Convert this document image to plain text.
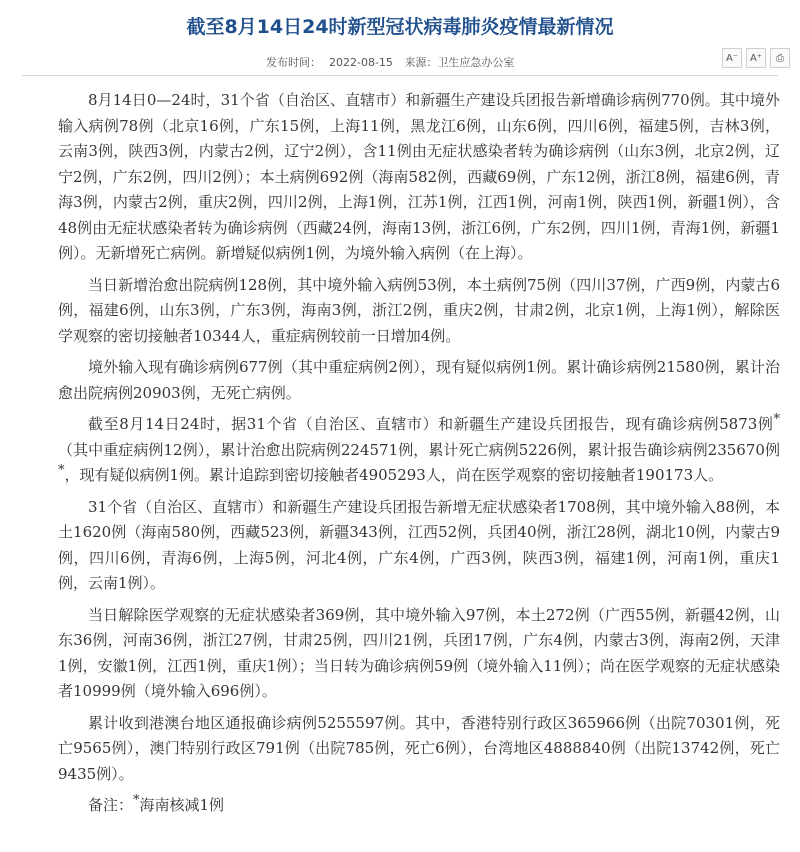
截至8月14日24时新型冠状病毒肺炎疫情最新情况
发布时间： 2022-08-15 来源：卫生应急办公室	A⁻	A⁺	⎙

8月14日0—24时，31个省（自治区、直辖市）和新疆生产建设兵团报告新增确诊病例770例。其中境外输入病例78例（北京16例，广东15例，上海11例，黑龙江6例，山东6例，四川6例，福建5例，吉林3例，云南3例，陕西3例，内蒙古2例，辽宁2例），含11例由无症状感染者转为确诊病例（山东3例，北京2例，辽宁2例，广东2例，四川2例）；本土病例692例（海南582例，西藏69例，广东12例，浙江8例，福建6例，青海3例，内蒙古2例，重庆2例，四川2例，上海1例，江苏1例，江西1例，河南1例，陕西1例，新疆1例），含48例由无症状感染者转为确诊病例（西藏24例，海南13例，浙江6例，广东2例，四川1例，青海1例，新疆1例）。无新增死亡病例。新增疑似病例1例，为境外输入病例（在上海）。

当日新增治愈出院病例128例，其中境外输入病例53例，本土病例75例（四川37例，广西9例，内蒙古6例，福建6例，山东3例，广东3例，海南3例，浙江2例，重庆2例，甘肃2例，北京1例，上海1例），解除医学观察的密切接触者10344人，重症病例较前一日增加4例。

境外输入现有确诊病例677例（其中重症病例2例），现有疑似病例1例。累计确诊病例21580例，累计治愈出院病例20903例，无死亡病例。

截至8月14日24时，据31个省（自治区、直辖市）和新疆生产建设兵团报告，现有确诊病例5873例*（其中重症病例12例），累计治愈出院病例224571例，累计死亡病例5226例，累计报告确诊病例235670例*，现有疑似病例1例。累计追踪到密切接触者4905293人，尚在医学观察的密切接触者190173人。

31个省（自治区、直辖市）和新疆生产建设兵团报告新增无症状感染者1708例，其中境外输入88例，本土1620例（海南580例，西藏523例，新疆343例，江西52例，兵团40例，浙江28例，湖北10例，内蒙古9例，四川6例，青海6例，上海5例，河北4例，广东4例，广西3例，陕西3例，福建1例，河南1例，重庆1例，云南1例）。

当日解除医学观察的无症状感染者369例，其中境外输入97例，本土272例（广西55例，新疆42例，山东36例，河南36例，浙江27例，甘肃25例，四川21例，兵团17例，广东4例，内蒙古3例，海南2例，天津1例，安徽1例，江西1例，重庆1例）；当日转为确诊病例59例（境外输入11例）；尚在医学观察的无症状感染者10999例（境外输入696例）。

累计收到港澳台地区通报确诊病例5255597例。其中，香港特别行政区365966例（出院70301例，死亡9565例），澳门特别行政区791例（出院785例，死亡6例），台湾地区4888840例（出院13742例，死亡9435例）。

备注：*海南核减1例
